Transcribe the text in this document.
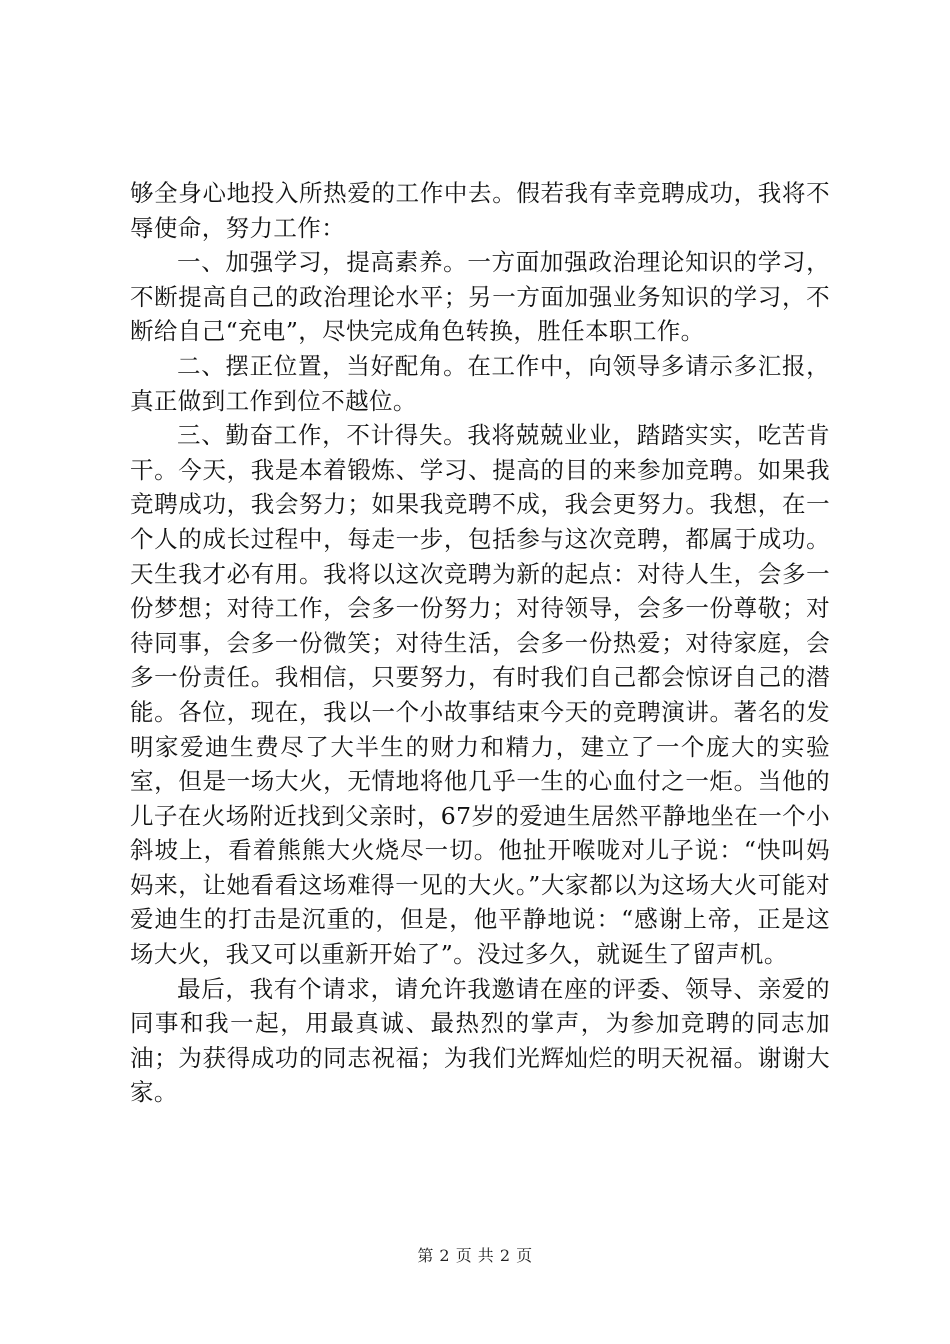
够全身心地投入所热爱的工作中去。假若我有幸竞聘成功，我将不辱使命，努力工作：

一、加强学习，提高素养。一方面加强政治理论知识的学习，不断提高自己的政治理论水平；另一方面加强业务知识的学习，不断给自己“充电”，尽快完成角色转换，胜任本职工作。

二、摆正位置，当好配角。在工作中，向领导多请示多汇报，真正做到工作到位不越位。

三、勤奋工作，不计得失。我将兢兢业业，踏踏实实，吃苦肯干。今天，我是本着锻炼、学习、提高的目的来参加竞聘。如果我竞聘成功，我会努力；如果我竞聘不成，我会更努力。我想，在一个人的成长过程中，每走一步，包括参与这次竞聘，都属于成功。天生我才必有用。我将以这次竞聘为新的起点：对待人生，会多一份梦想；对待工作，会多一份努力；对待领导，会多一份尊敬；对待同事，会多一份微笑；对待生活，会多一份热爱；对待家庭，会多一份责任。我相信，只要努力，有时我们自己都会惊讶自己的潜能。各位，现在，我以一个小故事结束今天的竞聘演讲。著名的发明家爱迪生费尽了大半生的财力和精力，建立了一个庞大的实验室，但是一场大火，无情地将他几乎一生的心血付之一炬。当他的儿子在火场附近找到父亲时，67岁的爱迪生居然平静地坐在一个小斜坡上，看着熊熊大火烧尽一切。他扯开喉咙对儿子说：“快叫妈妈来，让她看看这场难得一见的大火。”大家都以为这场大火可能对爱迪生的打击是沉重的，但是，他平静地说：“感谢上帝，正是这场大火，我又可以重新开始了”。没过多久，就诞生了留声机。

最后，我有个请求，请允许我邀请在座的评委、领导、亲爱的同事和我一起，用最真诚、最热烈的掌声，为参加竞聘的同志加油；为获得成功的同志祝福；为我们光辉灿烂的明天祝福。谢谢大家。

第 2 页 共 2 页
